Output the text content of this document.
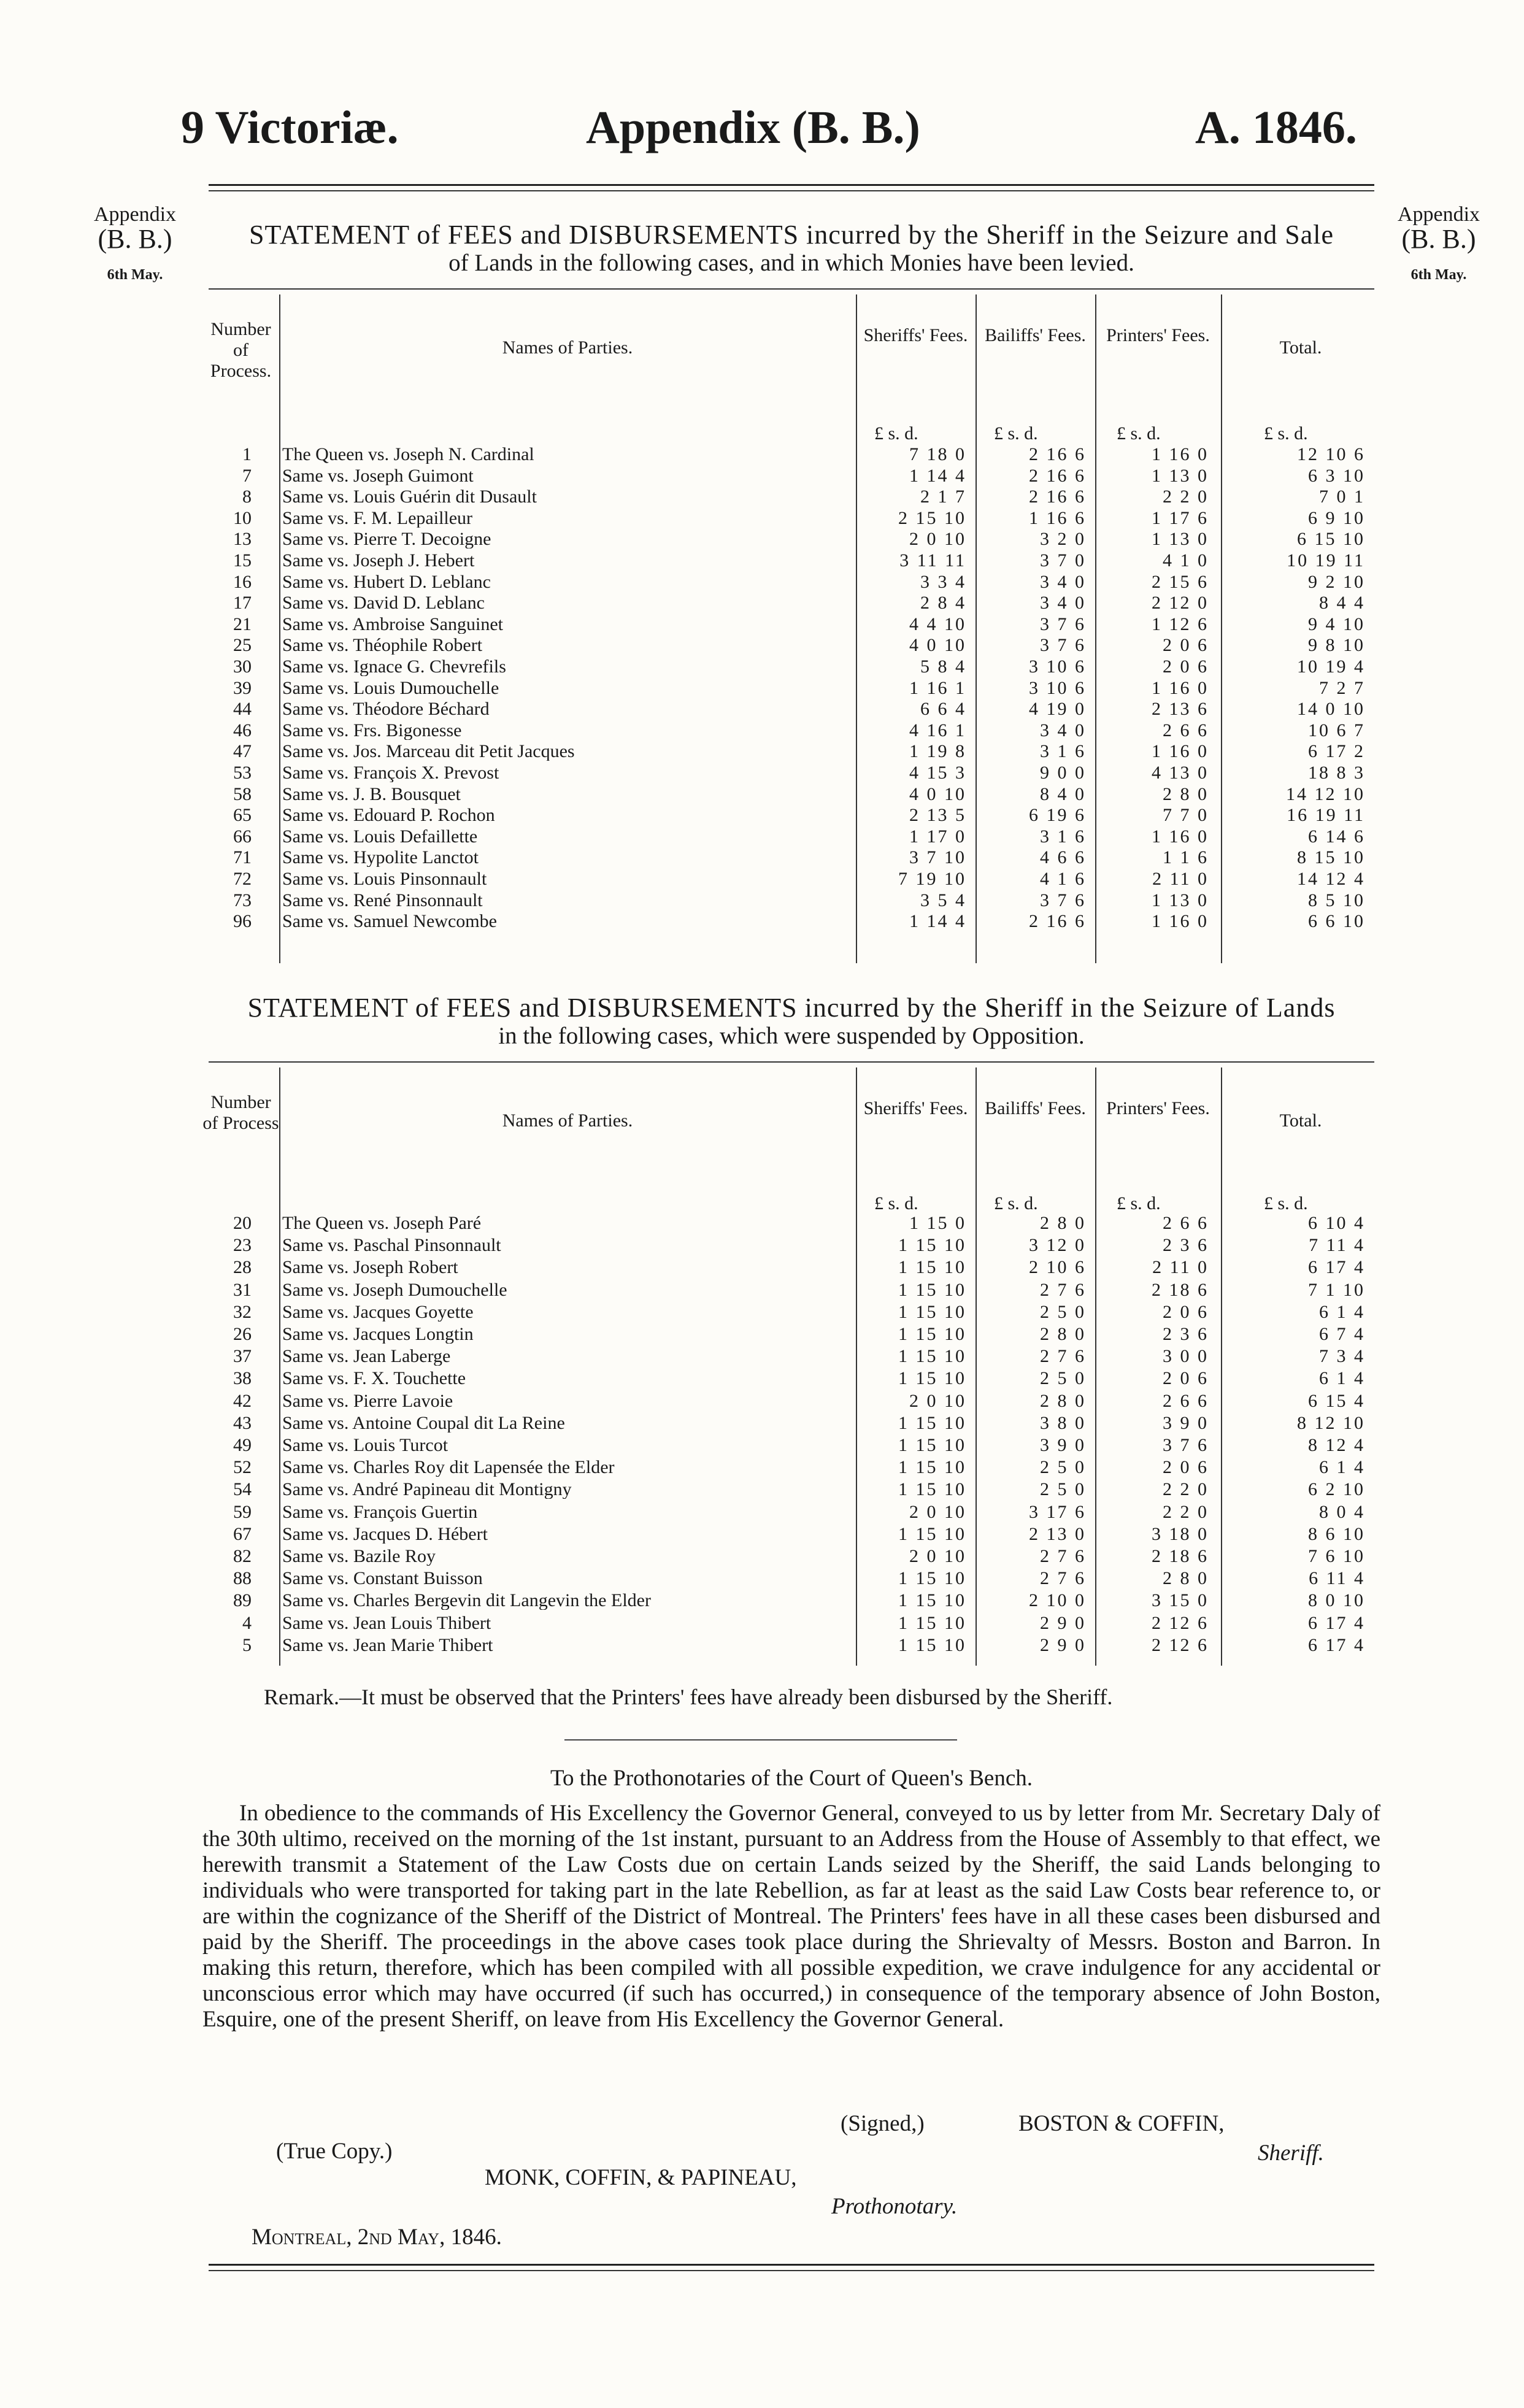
9 Victoriæ.	Appendix (B. B.)	A. 1846.
Appendix
(B. B.)
6th May.
Appendix
(B. B.)
6th May.
STATEMENT of FEES and DISBURSEMENTS incurred by the Sheriff in the Seizure and Sale
of Lands in the following cases, and in which Monies have been levied.
Number of Process.
Names of Parties.
Sheriffs' Fees. Bailiffs' Fees. Printers' Fees.
Total.
£ s. d.	£ s. d.	£ s. d.	£ s. d.
1 The Queen vs. Joseph N. Cardinal	7 18 0	2 16 6	1 16 0	12 10 6
7 Same vs. Joseph Guimont	1 14 4	2 16 6	1 13 0	6 3 10
8 Same vs. Louis Guérin dit Dusault	2 1 7	2 16 6	2 2 0	7 0 1
10 Same vs. F. M. Lepailleur	2 15 10	1 16 6	1 17 6	6 9 10
13 Same vs. Pierre T. Decoigne	2 0 10	3 2 0	1 13 0	6 15 10
15 Same vs. Joseph J. Hebert	3 11 11	3 7 0	4 1 0	10 19 11
16 Same vs. Hubert D. Leblanc	3 3 4	3 4 0	2 15 6	9 2 10
17 Same vs. David D. Leblanc	2 8 4	3 4 0	2 12 0	8 4 4
21 Same vs. Ambroise Sanguinet	4 4 10	3 7 6	1 12 6	9 4 10
25 Same vs. Théophile Robert	4 0 10	3 7 6	2 0 6	9 8 10
30 Same vs. Ignace G. Chevrefils	5 8 4	3 10 6	2 0 6	10 19 4
39 Same vs. Louis Dumouchelle	1 16 1	3 10 6	1 16 0	7 2 7
44 Same vs. Théodore Béchard	6 6 4	4 19 0	2 13 6	14 0 10
46 Same vs. Frs. Bigonesse	4 16 1	3 4 0	2 6 6	10 6 7
47 Same vs. Jos. Marceau dit Petit Jacques	1 19 8	3 1 6	1 16 0	6 17 2
53 Same vs. François X. Prevost	4 15 3	9 0 0	4 13 0	18 8 3
58 Same vs. J. B. Bousquet	4 0 10	8 4 0	2 8 0	14 12 10
65 Same vs. Edouard P. Rochon	2 13 5	6 19 6	7 7 0	16 19 11
66 Same vs. Louis Defaillette	1 17 0	3 1 6	1 16 0	6 14 6
71 Same vs. Hypolite Lanctot	3 7 10	4 6 6	1 1 6	8 15 10
72 Same vs. Louis Pinsonnault	7 19 10	4 1 6	2 11 0	14 12 4
73 Same vs. René Pinsonnault	3 5 4	3 7 6	1 13 0	8 5 10
96 Same vs. Samuel Newcombe	1 14 4	2 16 6	1 16 0	6 6 10
STATEMENT of FEES and DISBURSEMENTS incurred by the Sheriff in the Seizure of Lands
in the following cases, which were suspended by Opposition.
Number of Process	Names of Parties.
Sheriffs' Fees. Bailiffs' Fees. Printers' Fees.
Total.
£ s. d.	£ s. d.	£ s. d.	£ s. d.
20 The Queen vs. Joseph Paré	1 15 0	2 8 0	2 6 6	6 10 4
23 Same vs. Paschal Pinsonnault	1 15 10	3 12 0	2 3 6	7 11 4
28 Same vs. Joseph Robert	1 15 10	2 10 6	2 11 0	6 17 4
31 Same vs. Joseph Dumouchelle	1 15 10	2 7 6	2 18 6	7 1 10
32 Same vs. Jacques Goyette	1 15 10	2 5 0	2 0 6	6 1 4
26 Same vs. Jacques Longtin	1 15 10	2 8 0	2 3 6	6 7 4
37 Same vs. Jean Laberge	1 15 10	2 7 6	3 0 0	7 3 4
38 Same vs. F. X. Touchette	1 15 10	2 5 0	2 0 6	6 1 4
42 Same vs. Pierre Lavoie	2 0 10	2 8 0	2 6 6	6 15 4
43 Same vs. Antoine Coupal dit La Reine	1 15 10	3 8 0	3 9 0	8 12 10
49 Same vs. Louis Turcot	1 15 10	3 9 0	3 7 6	8 12 4
52 Same vs. Charles Roy dit Lapensée the Elder	1 15 10	2 5 0	2 0 6	6 1 4
54 Same vs. André Papineau dit Montigny	1 15 10	2 5 0	2 2 0	6 2 10
59 Same vs. François Guertin	2 0 10	3 17 6	2 2 0	8 0 4
67 Same vs. Jacques D. Hébert	1 15 10	2 13 0	3 18 0	8 6 10
82 Same vs. Bazile Roy	2 0 10	2 7 6	2 18 6	7 6 10
88 Same vs. Constant Buisson	1 15 10	2 7 6	2 8 0	6 11 4
89 Same vs. Charles Bergevin dit Langevin the Elder	1 15 10	2 10 0	3 15 0	8 0 10
4 Same vs. Jean Louis Thibert	1 15 10	2 9 0	2 12 6	6 17 4
5 Same vs. Jean Marie Thibert	1 15 10	2 9 0	2 12 6	6 17 4
Remark.—It must be observed that the Printers' fees have already been disbursed by the Sheriff.
To the Prothonotaries of the Court of Queen's Bench.
In obedience to the commands of His Excellency the Governor General, conveyed to us by letter from Mr. Secretary Daly of the 30th ultimo, received on the morning of the 1st instant, pursuant to an Address from the House of Assembly to that effect, we herewith transmit a Statement of the Law Costs due on certain Lands seized by the Sheriff, the said Lands belonging to individuals who were transported for taking part in the late Rebellion, as far at least as the said Law Costs bear reference to, or are within the cognizance of the Sheriff of the District of Montreal. The Printers' fees have in all these cases been disbursed and paid by the Sheriff. The proceedings in the above cases took place during the Shrievalty of Messrs. Boston and Barron. In making this return, therefore, which has been compiled with all possible expedition, we crave indulgence for any accidental or unconscious error which may have occurred (if such has occurred,) in consequence of the temporary absence of John Boston, Esquire, one of the present Sheriff, on leave from His Excellency the Governor General.
(Signed,)	BOSTON & COFFIN,
Sheriff.
(True Copy.)
MONK, COFFIN, & PAPINEAU,
Prothonotary.
Montreal, 2nd May, 1846.
